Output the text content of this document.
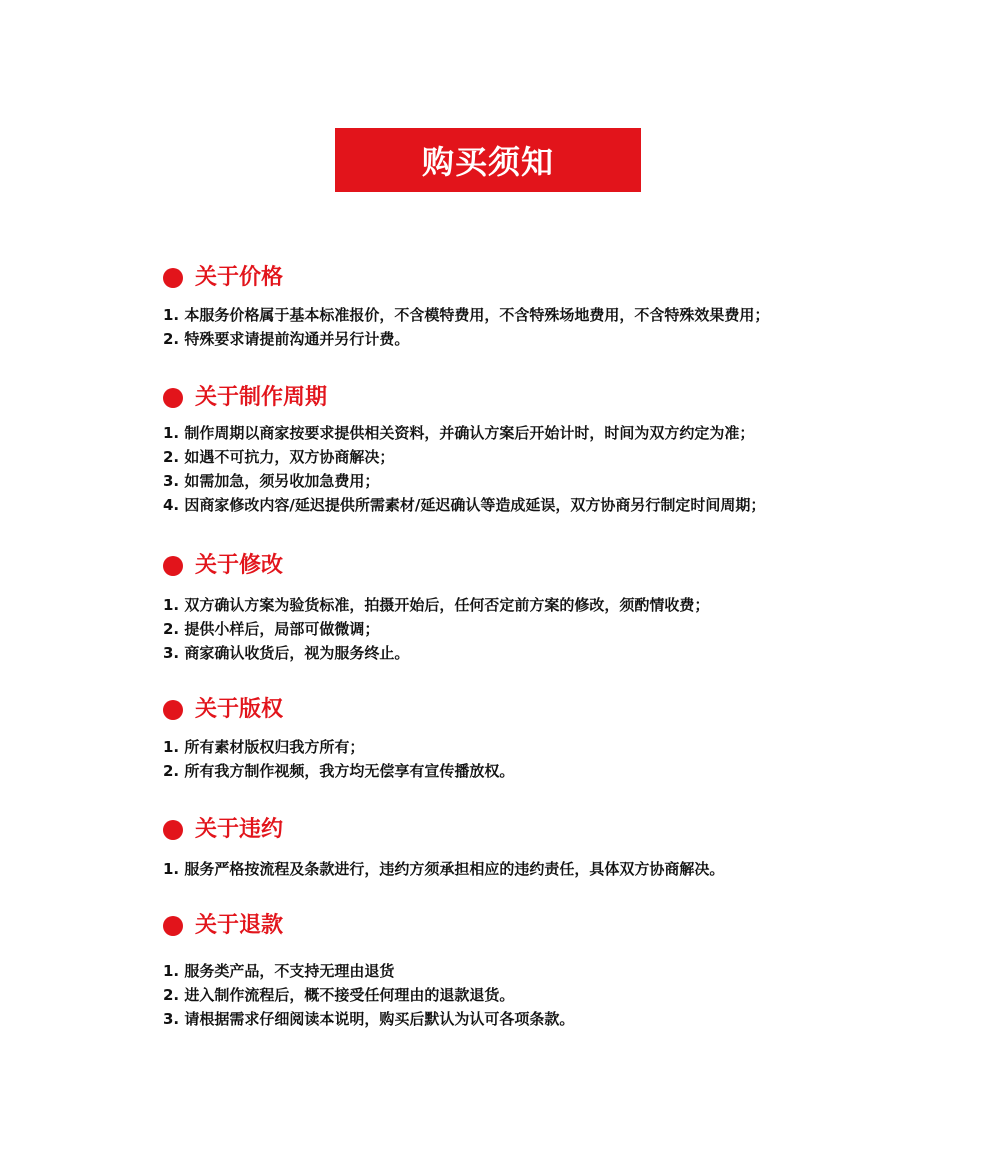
购买须知
关于价格
1. 本服务价格属于基本标准报价，不含模特费用，不含特殊场地费用，不含特殊效果费用；
2. 特殊要求请提前沟通并另行计费。
关于制作周期
1. 制作周期以商家按要求提供相关资料，并确认方案后开始计时，时间为双方约定为准；
2. 如遇不可抗力，双方协商解决；
3. 如需加急，须另收加急费用；
4. 因商家修改内容/延迟提供所需素材/延迟确认等造成延误，双方协商另行制定时间周期；
关于修改
1. 双方确认方案为验货标准，拍摄开始后，任何否定前方案的修改，须酌情收费；
2. 提供小样后，局部可做微调；
3. 商家确认收货后，视为服务终止。
关于版权
1. 所有素材版权归我方所有；
2. 所有我方制作视频，我方均无偿享有宣传播放权。
关于违约
1. 服务严格按流程及条款进行，违约方须承担相应的违约责任，具体双方协商解决。
关于退款
1. 服务类产品，不支持无理由退货
2. 进入制作流程后，概不接受任何理由的退款退货。
3. 请根据需求仔细阅读本说明，购买后默认为认可各项条款。
